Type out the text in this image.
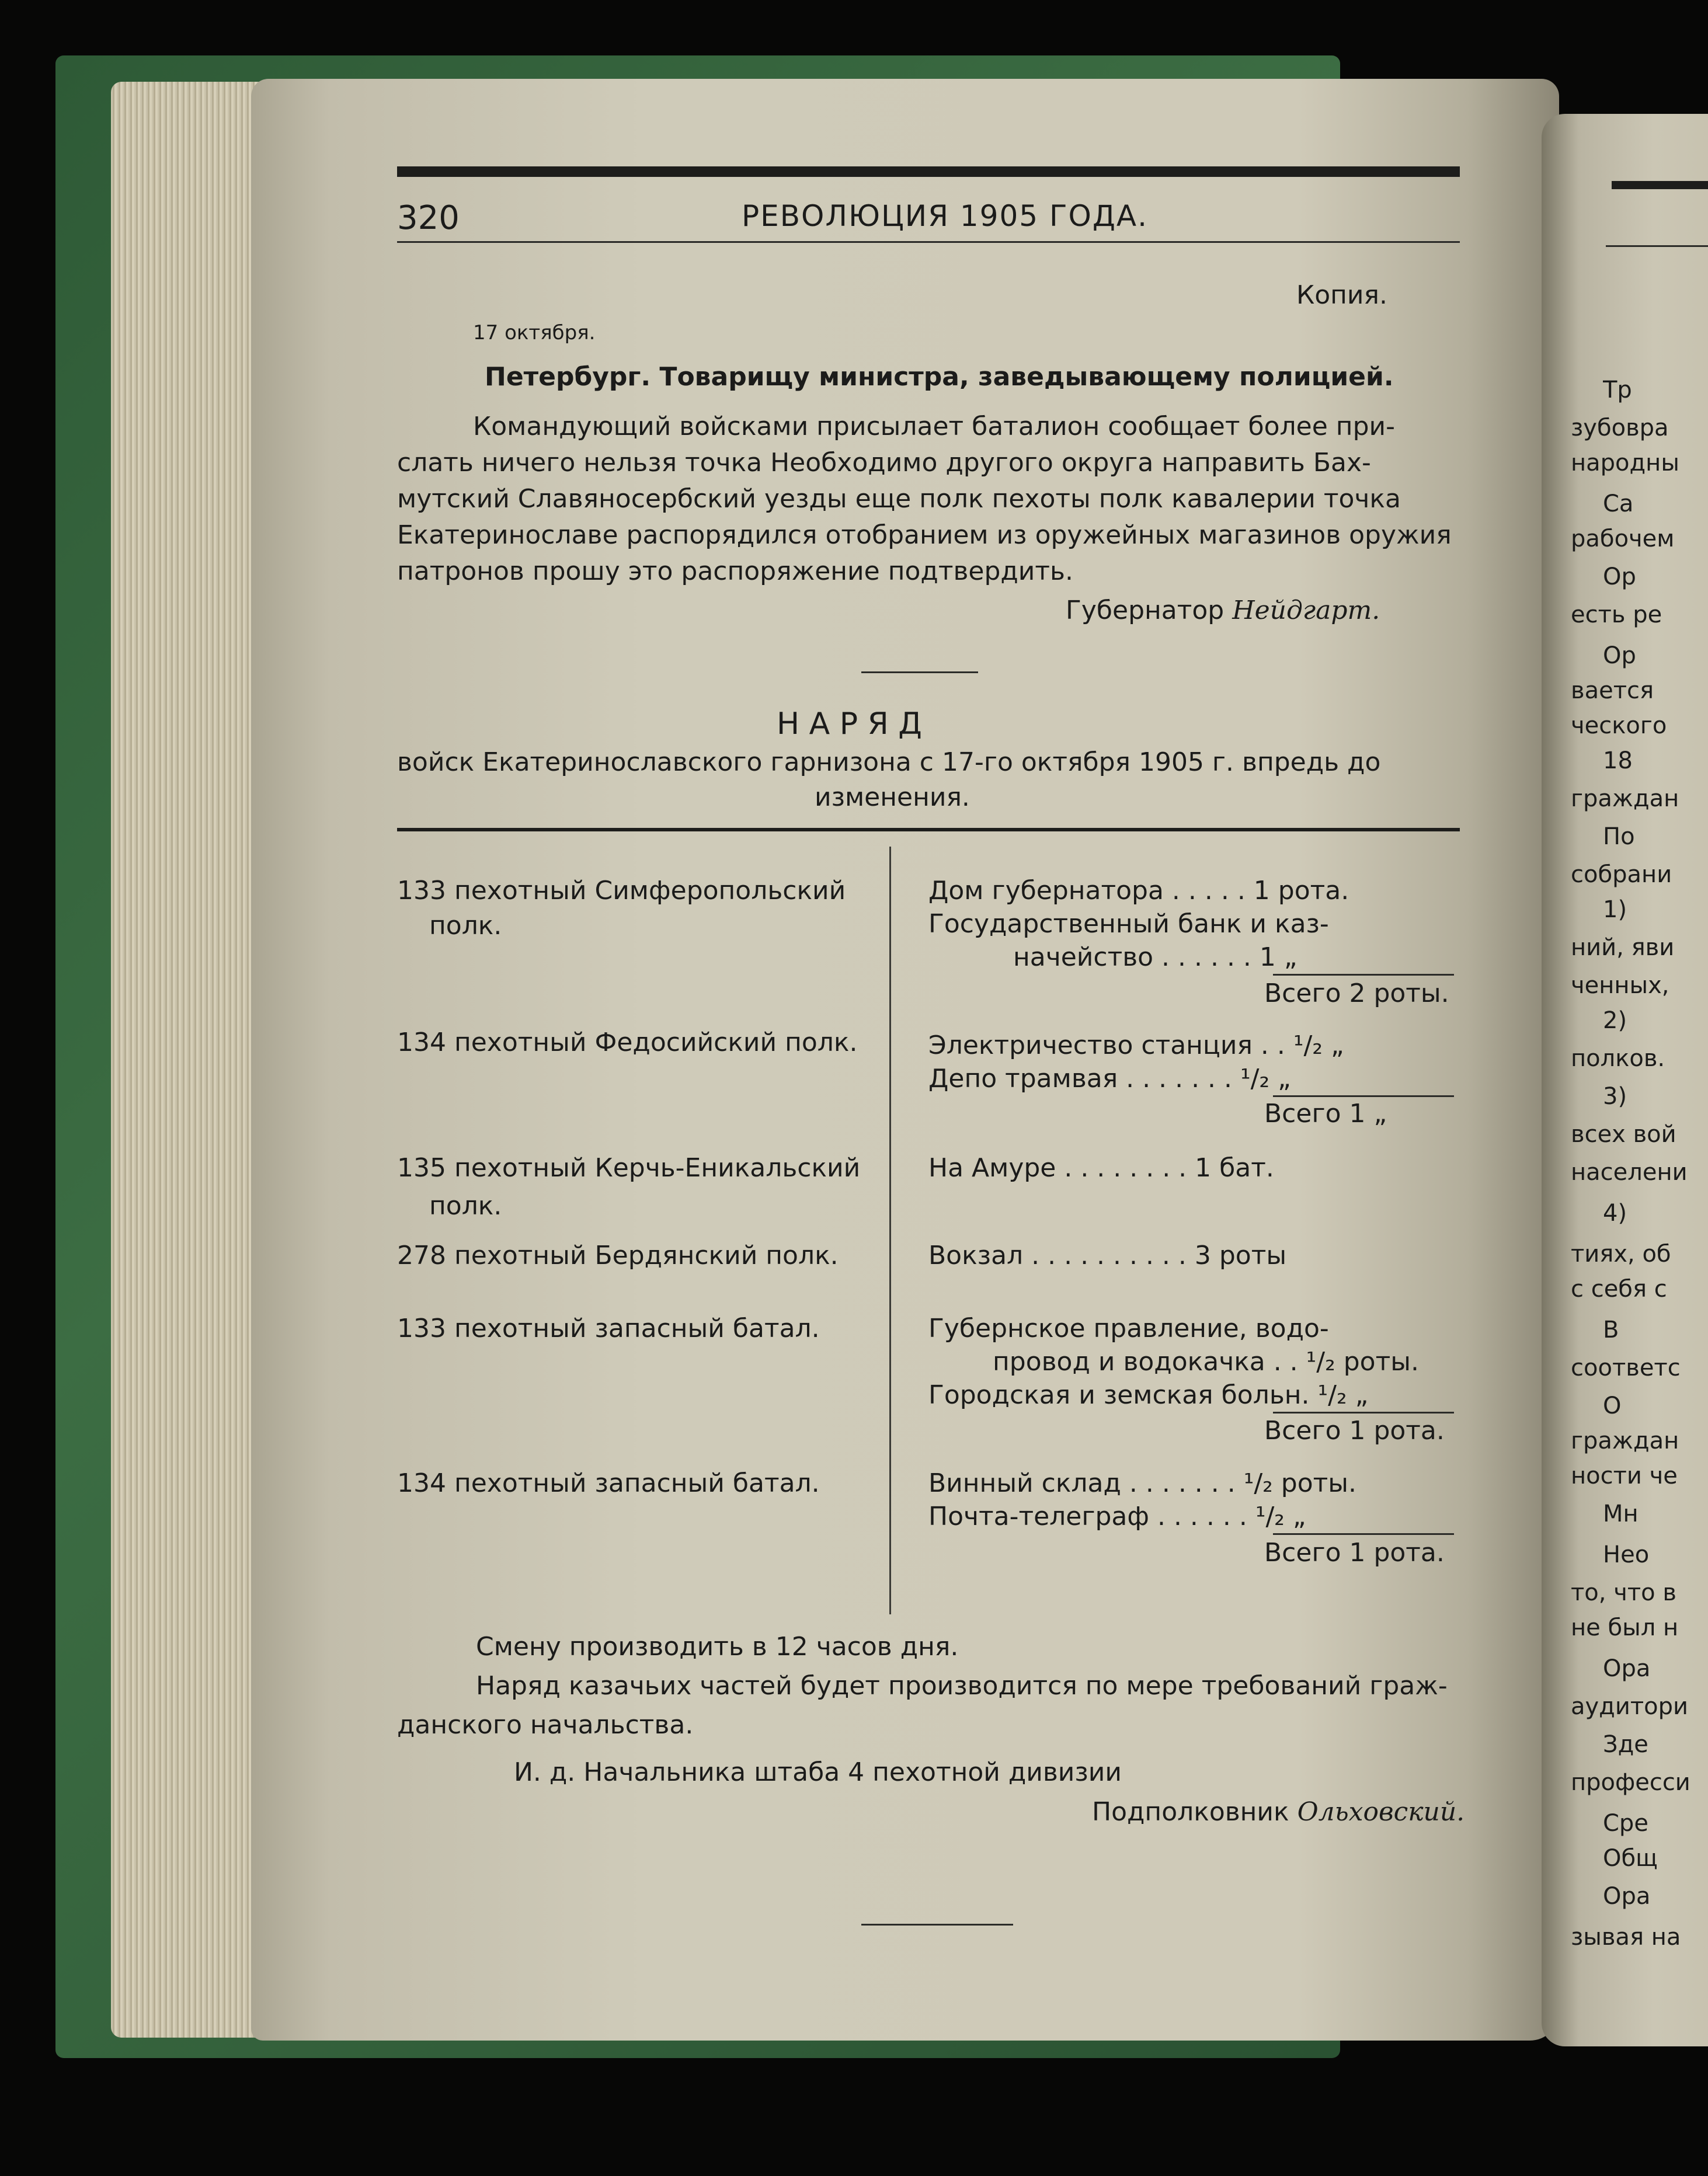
320	РЕВОЛЮЦИЯ 1905 ГОДА.
Копия.
17 октября.
Петербург. Товарищу министра, заведывающему полицией.
Командующий войсками присылает баталион сообщает более при-
слать ничего нельзя точка Необходимо другого округа направить Бах-
мутский Славяносербский уезды еще полк пехоты полк кавалерии точка
Екатеринославе распорядился отобранием из оружейных магазинов оружия
патронов прошу это распоряжение подтвердить.
Губернатор Нейдгарт.
Н А Р Я Д
войск Екатеринославского гарнизона с 17-го октября 1905 г. впредь до
изменения.
133 пехотный Симферопольский
полк.
134 пехотный Федосийский полк.
135 пехотный Керчь-Еникальский
полк.
278 пехотный Бердянский полк.
133 пехотный запасный батал.
134 пехотный запасный батал.
Дом губернатора . . . . . 1 рота.
Государственный банк и каз-
начейство . . . . . . 1 „
Всего 2 роты.
Электричество станция . . ¹/₂ „
Депо трамвая . . . . . . . ¹/₂ „
Всего 1 „
На Амуре . . . . . . . . 1 бат.
Вокзал . . . . . . . . . . 3 роты
Губернское правление, водо-
провод и водокачка . . ¹/₂ роты.
Городская и земская больн. ¹/₂ „
Всего 1 рота.
Винный склад . . . . . . . ¹/₂ роты.
Почта-телеграф . . . . . . ¹/₂ „
Всего 1 рота.
Смену производить в 12 часов дня.
Наряд казачьих частей будет производится по мере требований граж-
данского начальства.
И. д. Начальника штаба 4 пехотной дивизии
Подполковник Ольховский.
Тр
зубовра
народны
Са
рабочем
Ор
есть ре
Ор
вается
ческого
18
граждан
По
собрани
1)
ний, яви
ченных,
2)
полков.
3)
всех вой
населени
4)
тиях, об
с себя с
В
соответс
О
граждан
ности че
Мн
Нео
то, что в
не был н
Ора
аудитори
Зде
професси
Сре
Общ
Ора
зывая на
